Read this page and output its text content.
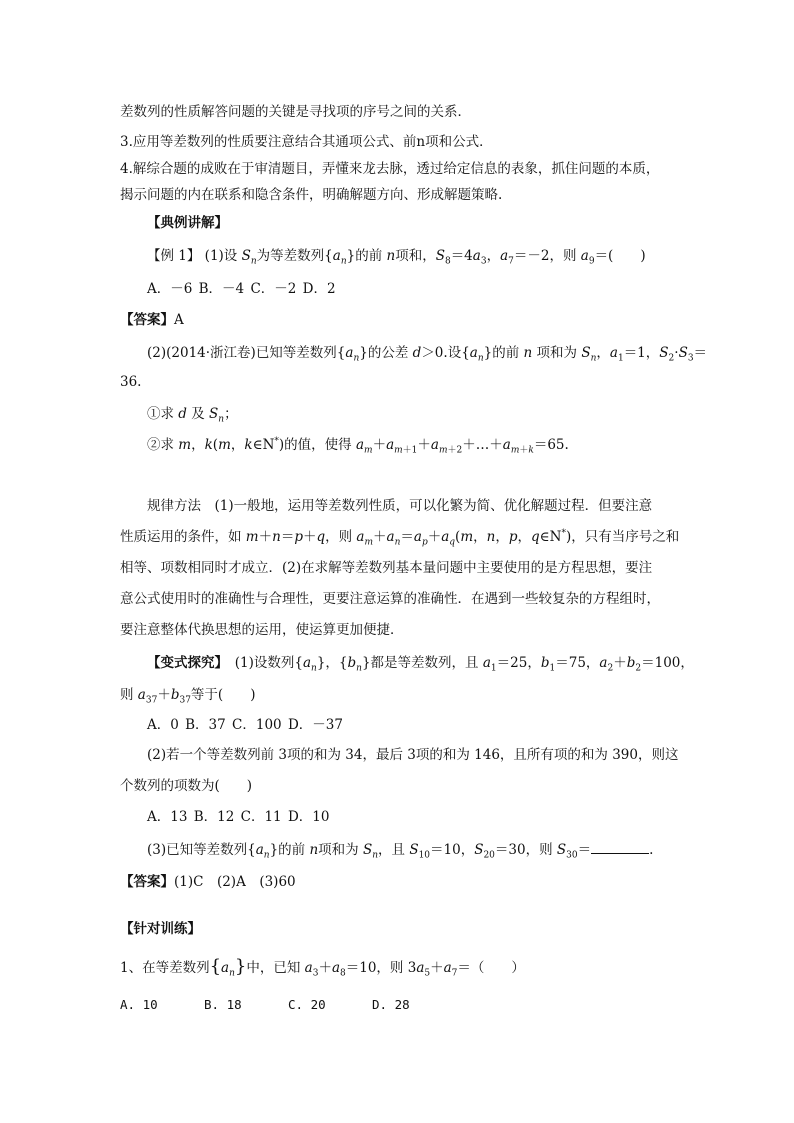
差数列的性质解答问题的关键是寻找项的序号之间的关系．
3.应用等差数列的性质要注意结合其通项公式、前n项和公式．
4.解综合题的成败在于审清题目，弄懂来龙去脉，透过给定信息的表象，抓住问题的本质，
揭示问题的内在联系和隐含条件，明确解题方向、形成解题策略.
【典例讲解】
【例 1】 (1)设 $S_n$为等差数列$\{a_n\}$的前 n项和，$S_8=4a_3$，$a_7=-2$，则 $a_9=$(　　)
A．－6 B．－4 C．－2 D．2
【答案】A
(2)(2014·浙江卷)已知等差数列$\{a_n\}$的公差 d＞0.设$\{a_n\}$的前 n 项和为 $S_n$，$a_1=1$，$S_2\cdot S_3=$
36.
①求 d 及 $S_n$；
②求 m，k(m，k∈N*)的值，使得 $a_m+a_{m+1}+a_{m+2}+\dots+a_{m+k}=65$.
规律方法　(1)一般地，运用等差数列性质，可以化繁为简、优化解题过程．但要注意
性质运用的条件，如 m＋n＝p＋q，则 $a_m+a_n=a_p+a_q(m$，n，p，q∈N*)，只有当序号之和
相等、项数相同时才成立．(2)在求解等差数列基本量问题中主要使用的是方程思想，要注
意公式使用时的准确性与合理性，更要注意运算的准确性．在遇到一些较复杂的方程组时，
要注意整体代换思想的运用，使运算更加便捷．
【变式探究】　(1)设数列$\{a_n\}$，$\{b_n\}$都是等差数列，且 $a_1=25$，$b_1=75$，$a_2+b_2=100$，
则 $a_{37}+b_{37}$等于(　　)
A．0 B．37 C．100 D．－37
(2)若一个等差数列前 3项的和为 34，最后 3项的和为 146，且所有项的和为 390，则这
个数列的项数为(　　)
A．13 B．12 C．11 D．10
(3)已知等差数列$\{a_n\}$的前 n项和为 $S_n$，且 $S_{10}=10$，$S_{20}=30$，则 $S_{30}=$	.
【答案】(1)C　(2)A　(3)60
【针对训练】
1、在等差数列$\{a_n\}$中，已知 $a_3+a_8=10$，则 $3a_5+a_7=$（　　）
A. 10	B. 18	C. 20	D. 28
